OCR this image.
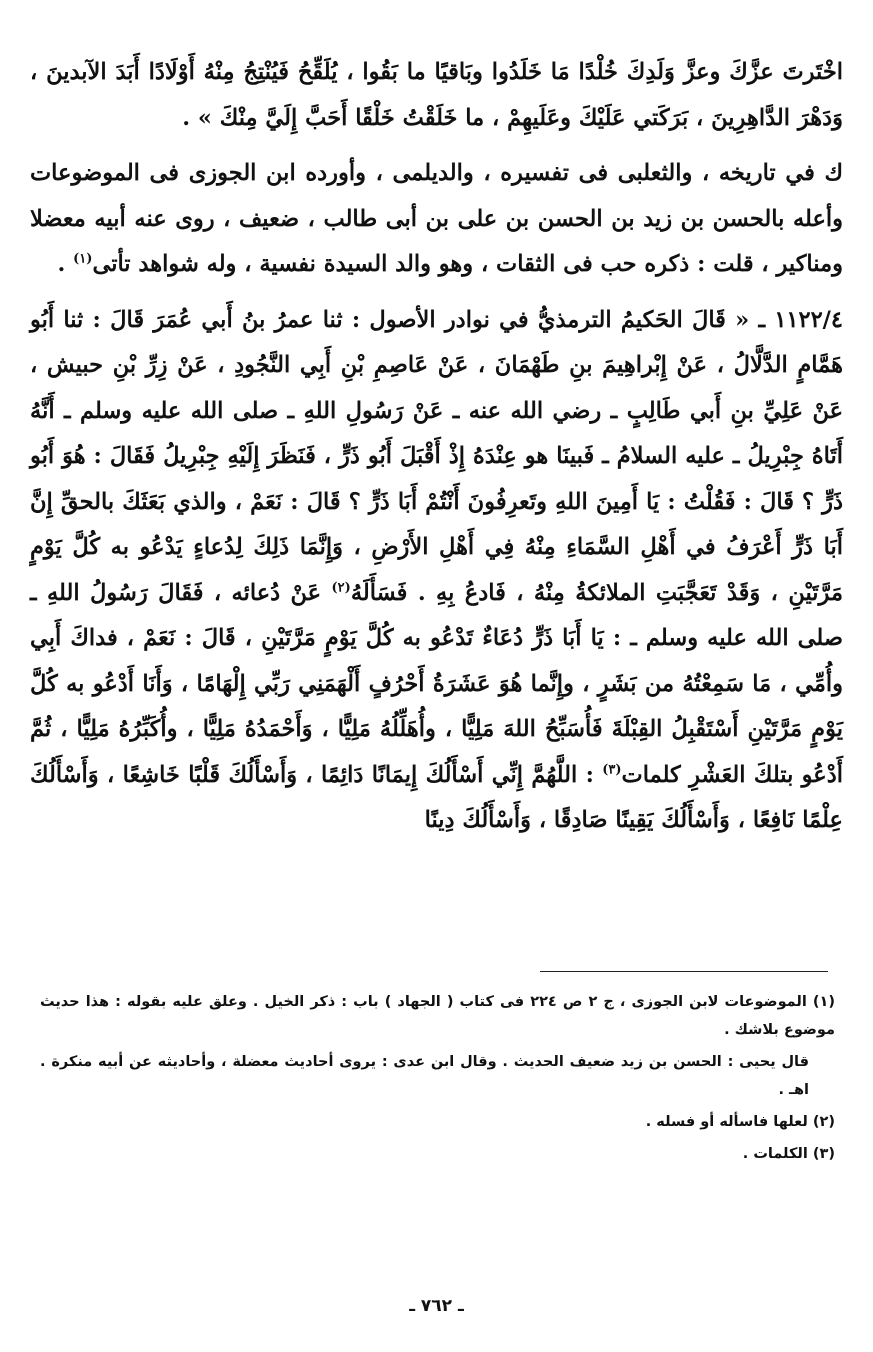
اخْتَرتَ عزَّكَ وعزَّ وَلَدِكَ خُلْدًا مَا خَلَدُوا وبَاقيًا ما بَقُوا ، يُلَقِّحُ فَيُنْتِجُ مِنْهُ أَوْلَادًا أَبَدَ الآبدينَ ، وَدَهْرَ الدَّاهِرِينَ ، بَرَكَتي عَلَيْكَ وعَلَيهِمْ ، ما خَلَقْتُ خَلْقًا أَحَبَّ إِلَيَّ مِنْكَ » .

ك في تاريخه ، والثعلبى فى تفسيره ، والديلمى ، وأورده ابن الجوزى فى الموضوعات وأعله بالحسن بن زيد بن الحسن بن على بن أبى طالب ، ضعيف ، روى عنه أبيه معضلا ومناكير ، قلت : ذكره حب فى الثقات ، وهو والد السيدة نفسية ، وله شواهد تأتى$^{(١)}$ .

١١٢٢/٤ ـ « قَالَ الحَكيمُ الترمذيُّ في نوادر الأصول : ثنا عمرُ بنُ أَبي عُمَرَ قَالَ : ثنا أَبُو هَمَّامٍ الدَّلَّالُ ، عَنْ إِبْراهِيمَ بنِ طَهْمَانَ ، عَنْ عَاصِمِ بْنِ أَبِي النَّجُودِ ، عَنْ زِرِّ بْنِ حبيش ، عَنْ عَلِيِّ بنِ أَبي طَالِبٍ ـ رضي الله عنه ـ عَنْ رَسُولِ اللهِ ـ صلى الله عليه وسلم ـ أَنَّهُ أَتَاهُ جِبْرِيلُ ـ عليه السلامُ ـ فَبينَا هو عِنْدَهُ إِذْ أَقْبَلَ أَبُو ذَرٍّ ، فَنَظَرَ إِلَيْهِ جِبْرِيلُ فَقَالَ : هُوَ أَبُو ذَرٍّ ؟ قَالَ : فَقُلْتُ : يَا أَمِينَ اللهِ وتَعرِفُونَ أَنْتُمْ أَبَا ذَرٍّ ؟ قَالَ : نَعَمْ ، والذي بَعَثَكَ بالحقِّ إِنَّ أَبَا ذَرٍّ أَعْرَفُ في أَهْلِ السَّمَاءِ مِنْهُ فِي أَهْلِ الأَرْضِ ، وَإِنَّمَا ذَلِكَ لِدُعاءٍ يَدْعُو به كُلَّ يَوْمٍ مَرَّتَيْنِ ، وَقَدْ تَعَجَّبَتِ الملائكةُ مِنْهُ ، فَادعُ بِهِ . فَسَأَلَهُ$^{(٢)}$ عَنْ دُعائه ، فَقَالَ رَسُولُ اللهِ ـ صلى الله عليه وسلم ـ : يَا أَبَا ذَرٍّ دُعَاءٌ تَدْعُو به كُلَّ يَوْمٍ مَرَّتَيْنِ ، قَالَ : نَعَمْ ، فداكَ أَبِي وأُمِّي ، مَا سَمِعْتُهُ من بَشَرٍ ، وإِنَّما هُوَ عَشَرَةُ أَحْرُفٍ أَلْهَمَنِي رَبِّي إِلْهَامًا ، وَأَنَا أَدْعُو به كُلَّ يَوْمٍ مَرَّتَيْنِ أَسْتَقْبِلُ القِبْلَةَ فَأُسَبِّحُ اللهَ مَلِيًّا ، وأُهَلِّلُهُ مَلِيًّا ، وَأَحْمَدُهُ مَلِيًّا ، وأُكَبِّرُهُ مَلِيًّا ، ثُمَّ أَدْعُو بتلكَ العَشْرِ كلمات$^{(٣)}$ : اللَّهُمَّ إِنِّي أَسْأَلُكَ إِيمَانًا دَائِمًا ، وَأَسْأَلُكَ قَلْبًا خَاشِعًا ، وَأَسْأَلُكَ عِلْمًا نَافِعًا ، وَأَسْأَلُكَ يَقِينًا صَادِقًا ، وَأَسْأَلُكَ دِينًا

(١) الموضوعات لابن الجوزى ، ج ٢ ص ٢٢٤ فى كتاب ( الجهاد ) باب : ذكر الخيل . وعلق عليه بقوله : هذا حديث موضوع بلاشك .

قال يحيى : الحسن بن زيد ضعيف الحديث . وقال ابن عدى : يروى أحاديث معضلة ، وأحاديثه عن أبيه منكرة . اهـ .

(٢) لعلها فاسأله أو فسله .

(٣) الكلمات .

ـ ٧٦٢ ـ
